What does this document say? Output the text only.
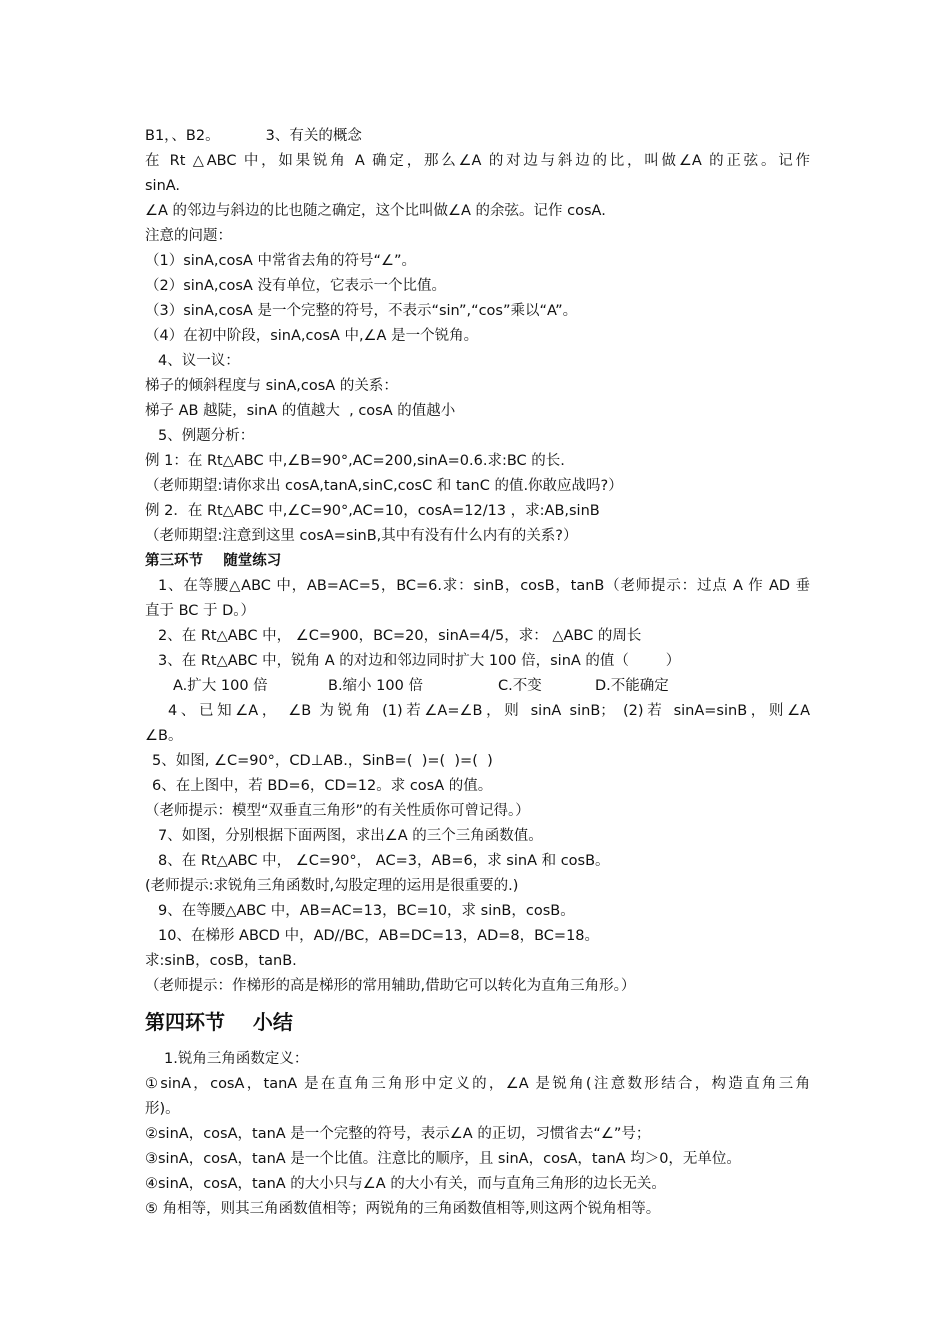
B1，、B2。          3、有关的概念
在 Rt △ABC 中，如果锐角 A 确定，那么∠A 的对边与斜边的比，叫做∠A 的正弦。记作
sinA.
∠A 的邻边与斜边的比也随之确定，这个比叫做∠A 的余弦。记作 cosA.
注意的问题：
（1）sinA,cosA 中常省去角的符号“∠”。
（2）sinA,cosA 没有单位，它表示一个比值。
（3）sinA,cosA 是一个完整的符号，不表示“sin”,“cos”乘以“A”。
（4）在初中阶段，sinA,cosA 中,∠A 是一个锐角。
4、议一议：
梯子的倾斜程度与 sinA,cosA 的关系：
梯子 AB 越陡，sinA 的值越大  , cosA 的值越小
5、例题分析：
例 1：在 Rt△ABC 中,∠B=90°,AC=200,sinA=0.6.求:BC 的长.
（老师期望:请你求出 cosA,tanA,sinC,cosC 和 tanC 的值.你敢应战吗?）
例 2．在 Rt△ABC 中,∠C=90°,AC=10，cosA=12/13 ，求:AB,sinB
（老师期望:注意到这里 cosA=sinB,其中有没有什么内有的关系?）
第三环节    随堂练习
1、在等腰△ABC 中，AB=AC=5，BC=6.求：sinB，cosB，tanB（老师提示：过点 A 作 AD 垂
直于 BC 于 D。）
2、在 Rt△ABC 中， ∠C=900，BC=20，sinA=4/5，求： △ABC 的周长
3、在 Rt△ABC 中，锐角 A 的对边和邻边同时扩大 100 倍，sinA 的值（        ）
A.扩大 100 倍	B.缩小 100 倍	C.不变	D.不能确定
4、已知∠A， ∠B 为锐角 (1)若∠A=∠B，则 sinA sinB； (2)若 sinA=sinB，则∠A
∠B。
5、如图, ∠C=90°，CD⊥AB.，SinB=(  )=(  )=(  )
6、在上图中，若 BD=6，CD=12。求 cosA 的值。
（老师提示：模型“双垂直三角形”的有关性质你可曾记得。）
7、如图，分别根据下面两图，求出∠A 的三个三角函数值。
8、在 Rt△ABC 中， ∠C=90°， AC=3，AB=6，求 sinA 和 cosB。
(老师提示:求锐角三角函数时,勾股定理的运用是很重要的.)
9、在等腰△ABC 中，AB=AC=13，BC=10，求 sinB，cosB。
10、在梯形 ABCD 中，AD//BC，AB=DC=13，AD=8，BC=18。
求:sinB，cosB，tanB.
（老师提示：作梯形的高是梯形的常用辅助,借助它可以转化为直角三角形。）
第四环节    小结
1.锐角三角函数定义：
①sinA，cosA，tanA 是在直角三角形中定义的，∠A 是锐角(注意数形结合，构造直角三角
形)。
②sinA，cosA，tanA 是一个完整的符号，表示∠A 的正切，习惯省去“∠”号；
③sinA，cosA，tanA 是一个比值。注意比的顺序，且 sinA，cosA，tanA 均＞0，无单位。
④sinA，cosA，tanA 的大小只与∠A 的大小有关，而与直角三角形的边长无关。
⑤ 角相等，则其三角函数值相等；两锐角的三角函数值相等,则这两个锐角相等。
